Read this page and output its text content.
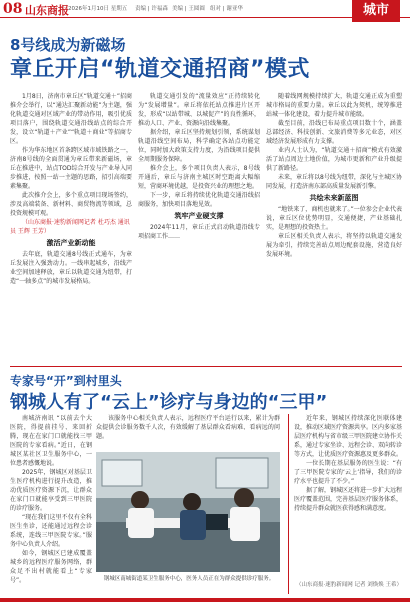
08 山东商报 2026年1月10日 星期五 责编 | 许福森 美编 | 王圆圆 组对 | 谢亚华	城市
8号线成为新磁场
章丘开启“轨道交通招商”模式

1月8日，济南市章丘区“轨道交通＋”招商推介会举行，以“通达汇聚新动能”为主题，强化轨道交通对区域产业的带动作用，吸引优质项目落户，围绕轨道交通沿线站点的综合开发，设立“轨道＋产业”“轨道＋商业”等招商专区。

作为华东地区首条跨区域市域铁路之一，济南8号线的全面贯通为章丘带来新磁场，章丘在推进中，站点TOD综合开发与产业导入同步推进，按照一站一主题的思路，招引高端要素集聚。

此次推介会上，多个重点项目现场签约，涉及高端装备、新材料、商贸物流等领域，总投资规模可观。

（山东商报·速豹新闻网记者 杜巧杰 通讯员 王辉 王芳）

激活产业新动能

去年底，轨道交通8号线正式通车，为章丘发展注入强劲动力。一线串起城乡，沿线产业空间加速释放，章丘以轨道交通为纽带，打造“一轴多点”的城市发展格局。

轨道交通引发的“流量效应”正持续转化为“发展增量”。章丘将依托站点推进片区开发，形成“以站带城、以城促产”的良性循环，推动人口、产业、资源向沿线集聚。

据介绍，章丘区坚持规划引领，系统谋划轨道沿线空间布局，科学确定各站点功能定位，同时加大政策支持力度，为沿线项目提供全周期服务保障。

推介会上，多个项目负责人表示，8号线开通后，章丘与济南主城区时空距离大幅缩短，营商环境优越，是投资兴业的理想之地。

下一步，章丘将持续优化轨道交通沿线招商服务，加快项目落地见效。

筑牢产业硬支撑

2024年11月，章丘正式启动轨道沿线专项招商工作……

随着线网规模持续扩大，轨道交通正成为重塑城市格局的重要力量。章丘以此为契机，统筹推进站城一体化建设，着力提升城市能级。

截至目前，沿线已布局重点项目数十个，涵盖总部经济、科技创新、文旅消费等多元业态，对区域经济发展形成有力支撑。

业内人士认为，“轨道交通＋招商”模式有效激活了站点周边土地价值，为城市更新和产业升级提供了新路径。

未来，章丘将以8号线为纽带，深化与主城区协同发展，打造济南东部高质量发展新引擎。

共绘未来新蓝图

“地铁来了，商机也就来了。”一位参会企业代表说，章丘区位优势明显，交通便捷，产业基础扎实，是理想的投资热土。

章丘区相关负责人表示，将坚持以轨道交通发展为牵引，持续完善站点周边配套设施，营造良好发展环境。

专家号“开”到村里头
钢城人有了“云上”诊疗与身边的“三甲”

南城济南讯 “以前去个大医院，得提前挂号、来回折腾，现在在家门口就能找三甲医院的专家看病。”近日，在钢城区某社区卫生服务中心，一位患者感慨地说。

2025年，钢城区对基层卫生医疗机构进行提升改造，推动优质医疗资源下沉，让群众在家门口就能享受到三甲医院的诊疗服务。

“现在我们这里不仅有全科医生坐诊，还能通过远程会诊系统，连线三甲医院专家。”服务中心负责人介绍。

如今，钢城区已建成覆盖城乡的远程医疗服务网络，群众足不出村就能看上“专家号”。

该服务中心相关负责人表示，远程医疗平台运行以来，累计为群众提供会诊服务数千人次，有效缓解了基层群众看病难、看病远的问题。

钢城区南城街道某卫生服务中心，医务人员正在为群众提供诊疗服务。

近年来，钢城区持续深化医联体建设，推动区域医疗资源共享。区内多家基层医疗机构与省市级三甲医院建立协作关系，通过专家坐诊、远程会诊、双向转诊等方式，让优质医疗资源惠及更多群众。

一位长期在基层服务的医生说：“有了三甲医院专家的‘云上’指导，我们的诊疗水平也提升了不少。”

据了解，钢城区还将进一步扩大远程医疗覆盖范围，完善基层医疗服务体系，持续提升群众就医获得感和满意度。

（山东商报·速豹新闻网 记者 刘焕焕 王希）
